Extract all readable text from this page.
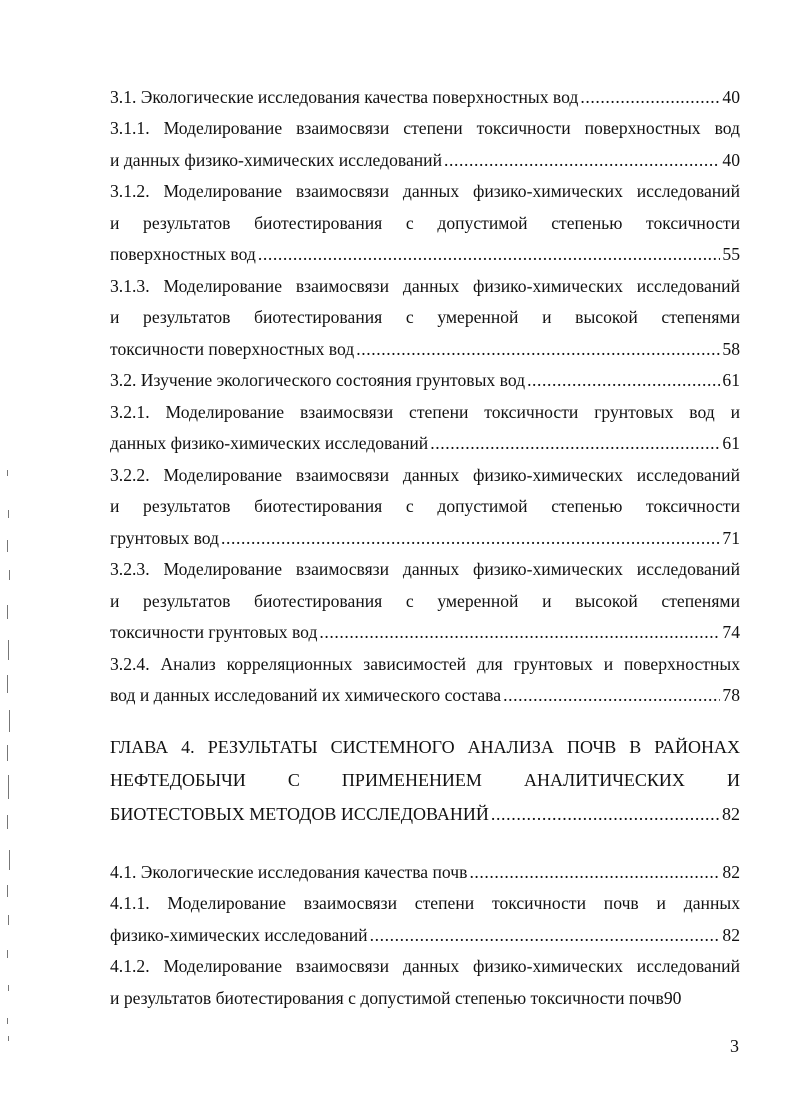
3.1. Экологические исследования качества поверхностных вод .....	40
3.1.1. Моделирование взаимосвязи степени токсичности поверхностных вод
и данных физико-химических исследований .....	40
3.1.2. Моделирование взаимосвязи данных физико-химических исследований
и результатов биотестирования с допустимой степенью токсичности
поверхностных вод .....	55
3.1.3. Моделирование взаимосвязи данных физико-химических исследований
и результатов биотестирования с умеренной и высокой степенями
токсичности поверхностных вод .....	58
3.2. Изучение экологического состояния грунтовых вод .....	61
3.2.1. Моделирование взаимосвязи степени токсичности грунтовых вод и
данных физико-химических исследований .....	61
3.2.2. Моделирование взаимосвязи данных физико-химических исследований
и результатов биотестирования с допустимой степенью токсичности
грунтовых вод .....	71
3.2.3. Моделирование взаимосвязи данных физико-химических исследований
и результатов биотестирования с умеренной и высокой степенями
токсичности грунтовых вод .....	74
3.2.4. Анализ корреляционных зависимостей для грунтовых и поверхностных
вод и данных исследований их химического состава .....	78
ГЛАВА 4. РЕЗУЛЬТАТЫ СИСТЕМНОГО АНАЛИЗА ПОЧВ В РАЙОНАХ
НЕФТЕДОБЫЧИ С ПРИМЕНЕНИЕМ АНАЛИТИЧЕСКИХ И
БИОТЕСТОВЫХ МЕТОДОВ ИССЛЕДОВАНИЙ .....	82
4.1. Экологические исследования качества почв .....	82
4.1.1. Моделирование взаимосвязи степени токсичности почв и данных
физико-химических исследований .....	82
4.1.2. Моделирование взаимосвязи данных физико-химических исследований
и результатов биотестирования с допустимой степенью токсичности почв 90
3
